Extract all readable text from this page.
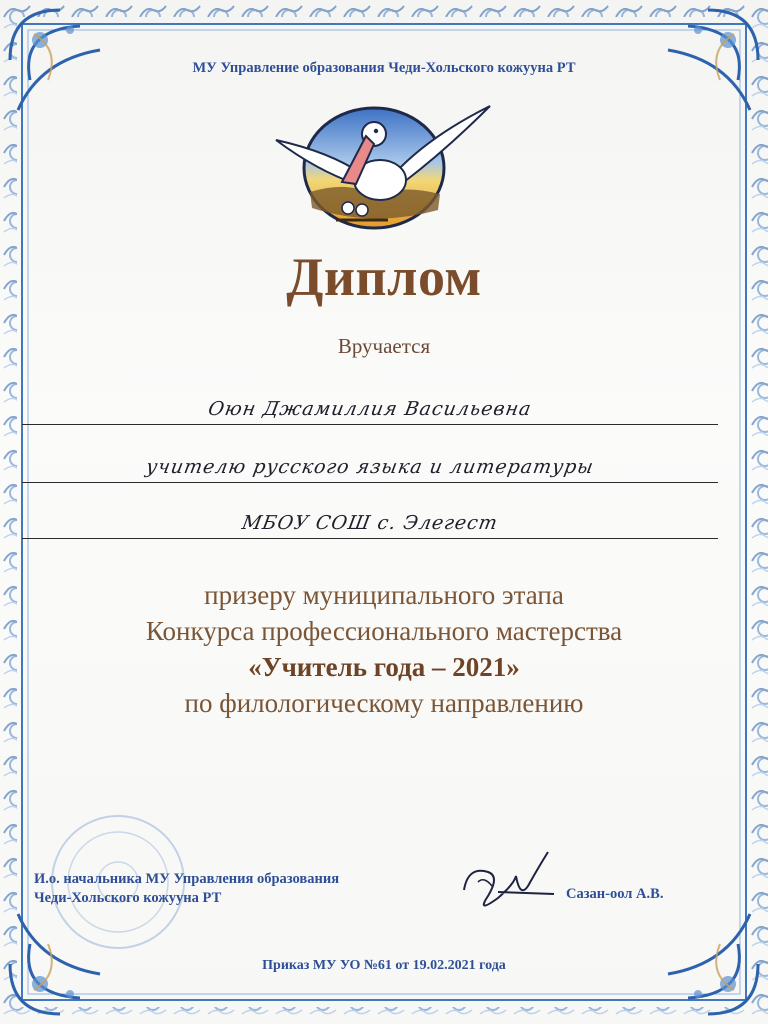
МУ Управление образования Чеди-Хольского кожууна РТ
Диплом
Вручается
Оюн Джамиллия Васильевна
учителю русского языка и литературы
МБОУ СОШ с. Элегест
призеру муниципального этапа
Конкурса профессионального мастерства
«Учитель года – 2021»
по филологическому направлению
И.о. начальника МУ Управления образования
Чеди-Хольского кожууна РТ	Сазан-оол А.В.
Приказ МУ УО №61 от 19.02.2021 года
